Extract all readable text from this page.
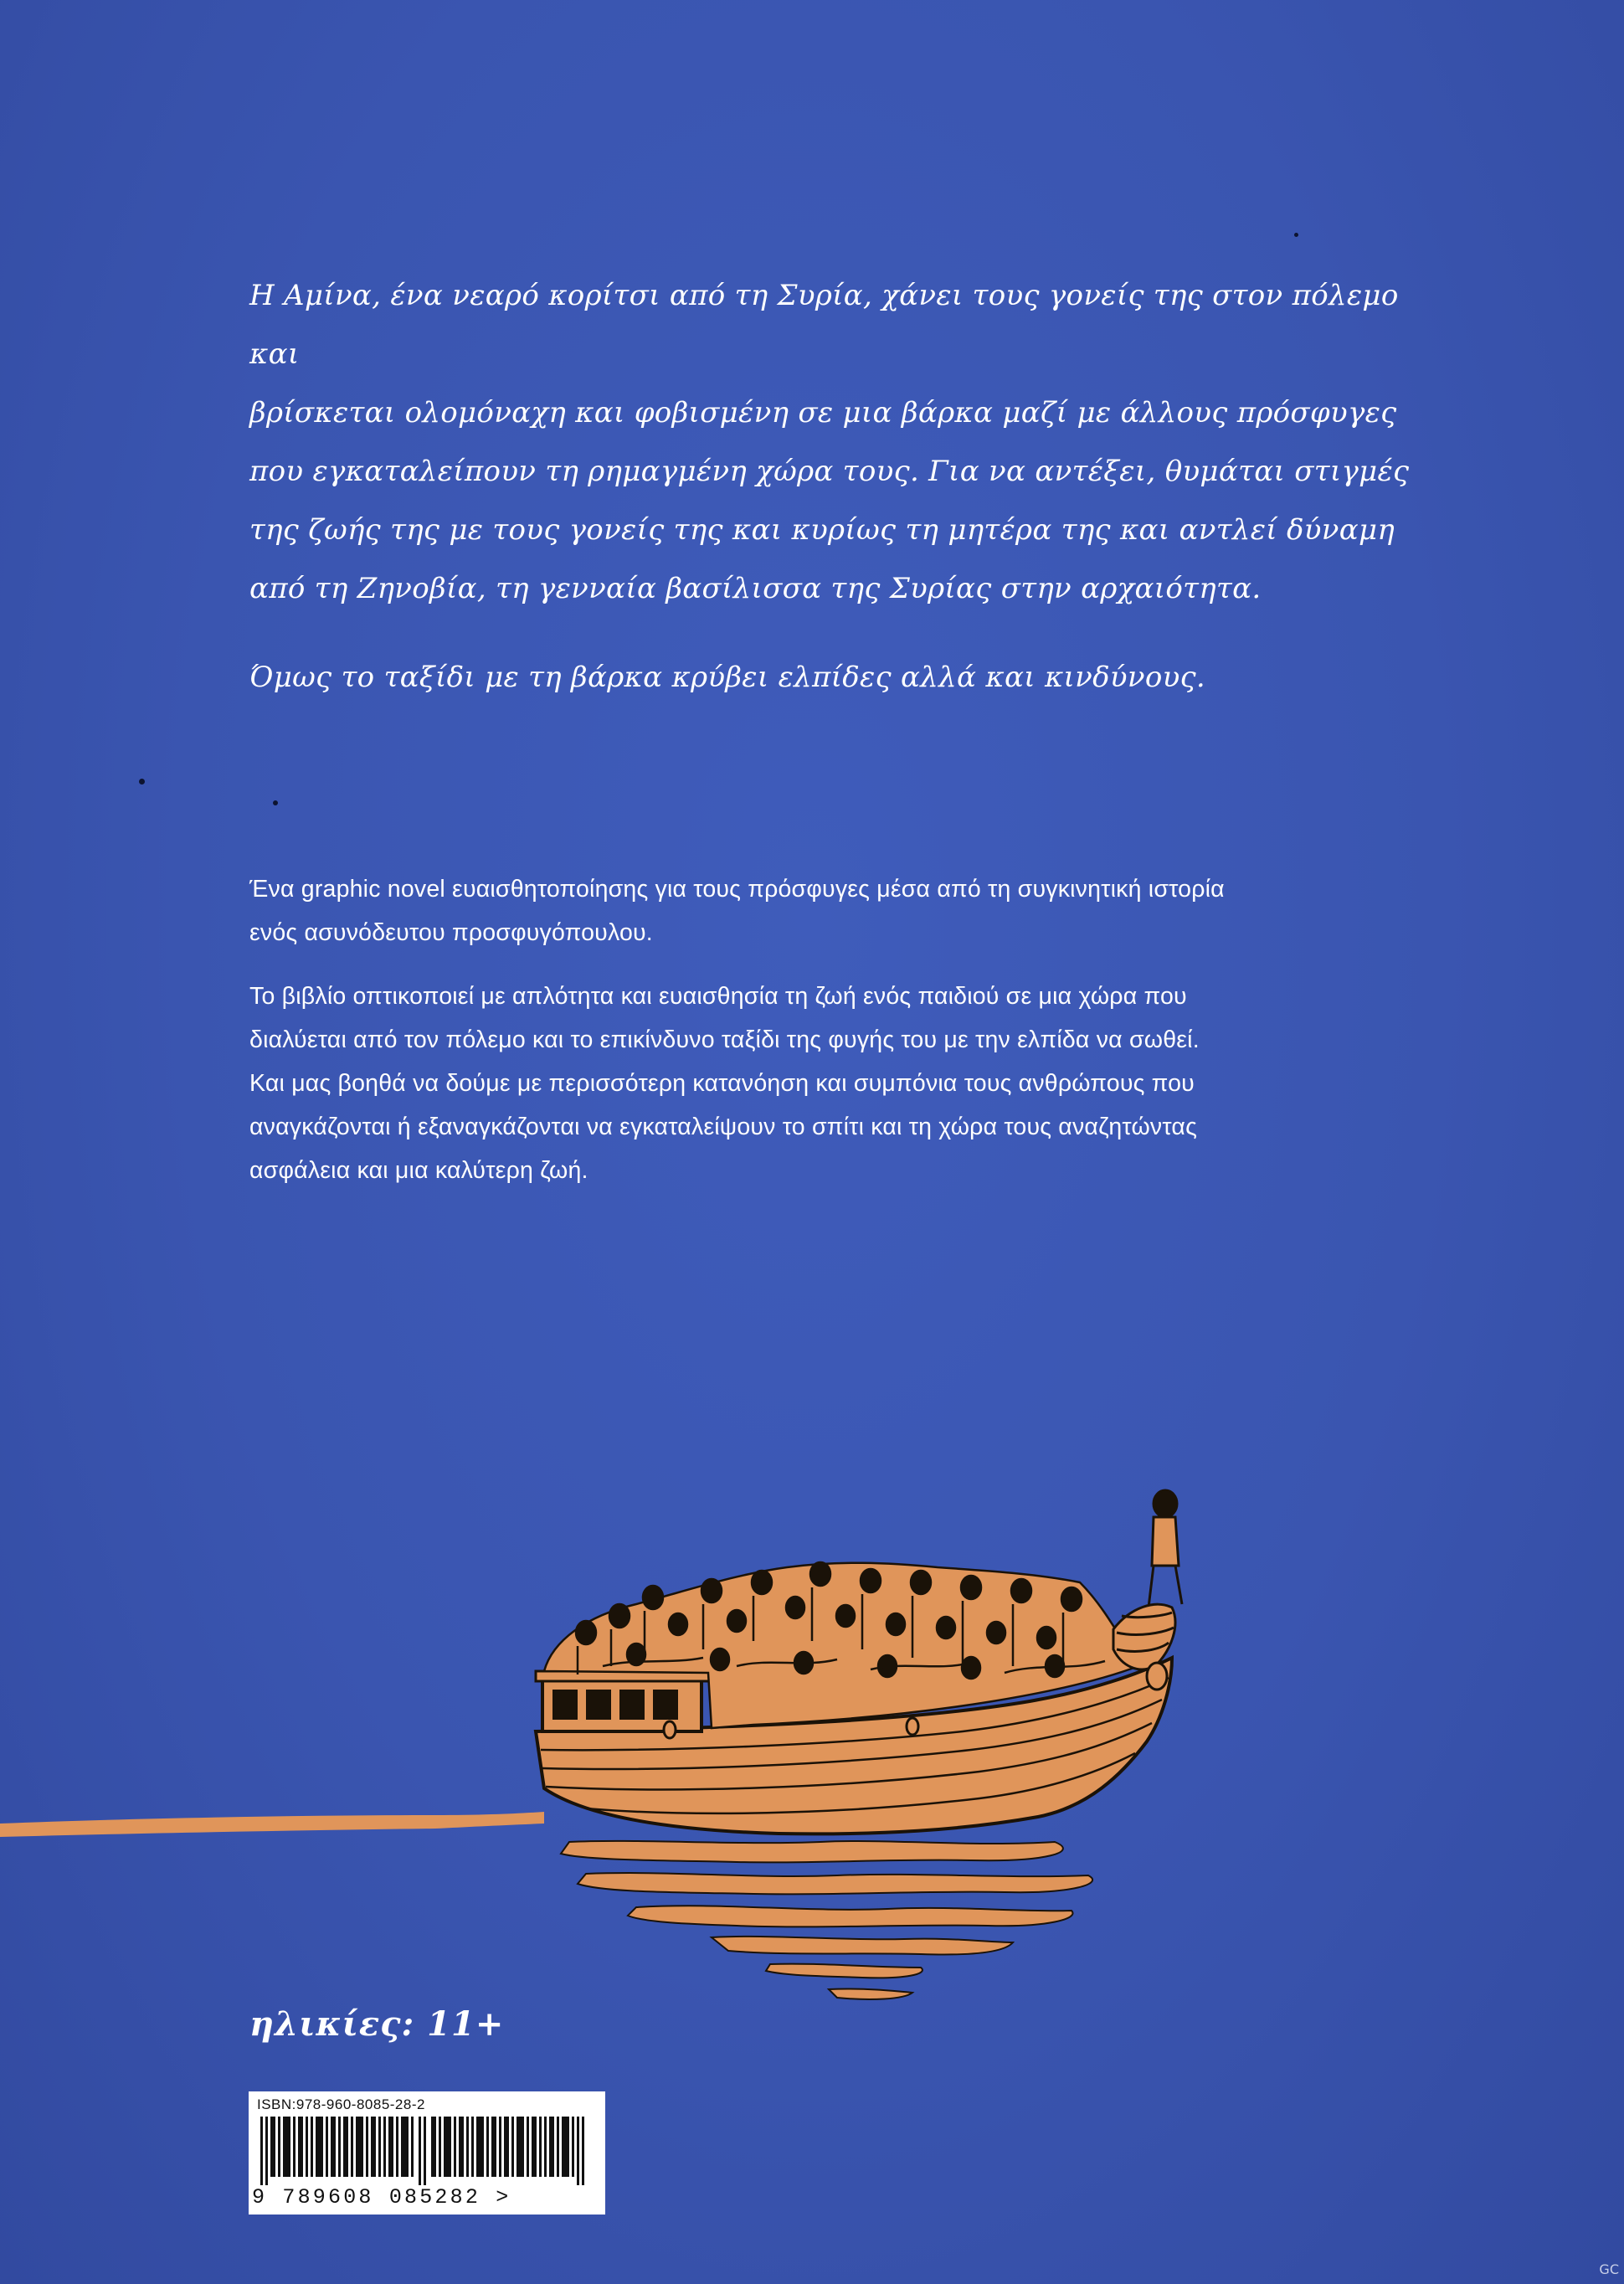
Η Αμίνα, ένα νεαρό κορίτσι από τη Συρία, χάνει τους γονείς της στον πόλεμο και
βρίσκεται ολομόναχη και φοβισμένη σε μια βάρκα μαζί με άλλους πρόσφυγες
που εγκαταλείπουν τη ρημαγμένη χώρα τους. Για να αντέξει, θυμάται στιγμές
της ζωής της με τους γονείς της και κυρίως τη μητέρα της και αντλεί δύναμη
από τη Ζηνοβία, τη γενναία βασίλισσα της Συρίας στην αρχαιότητα.

Όμως το ταξίδι με τη βάρκα κρύβει ελπίδες αλλά και κινδύνους.

Ένα graphic novel ευαισθητοποίησης για τους πρόσφυγες μέσα από τη συγκινητική ιστορία
ενός ασυνόδευτου προσφυγόπουλου.

Το βιβλίο οπτικοποιεί με απλότητα και ευαισθησία τη ζωή ενός παιδιού σε μια χώρα που
διαλύεται από τον πόλεμο και το επικίνδυνο ταξίδι της φυγής του με την ελπίδα να σωθεί.
Και μας βοηθά να δούμε με περισσότερη κατανόηση και συμπόνια τους ανθρώπους που
αναγκάζονται ή εξαναγκάζονται να εγκαταλείψουν το σπίτι και τη χώρα τους αναζητώντας
ασφάλεια και μια καλύτερη ζωή.

ηλικίες: 11+
ISBN:978-960-8085-28-2
9 789608 085282 >
GC
